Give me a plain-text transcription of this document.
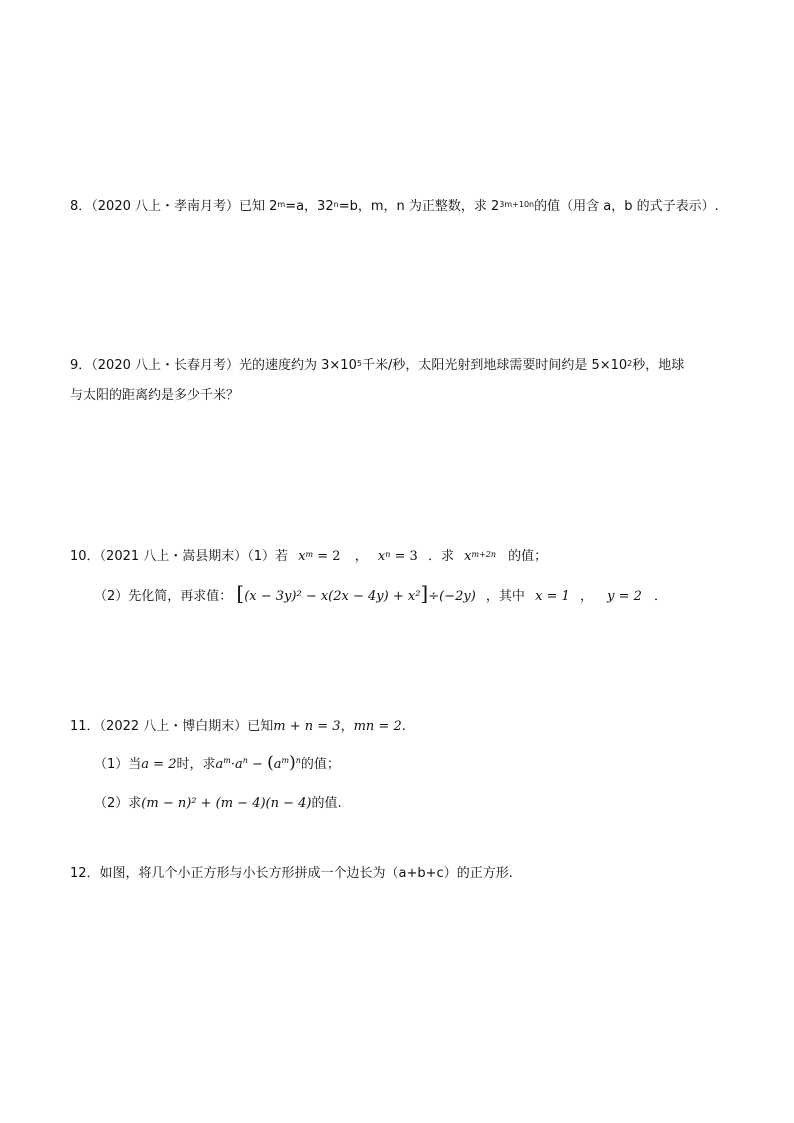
8．（2020 八上・孝南月考）已知 $2^m=a$，$32^n=b$，m，n 为正整数，求 $2^{3m+10n}$的值（用含 a，b 的式子表示）.
9．（2020 八上・长春月考）光的速度约为 $3\times 10^5$千米/秒，太阳光射到地球需要时间约是 $5\times 10^2$秒，地球
与太阳的距离约是多少千米？
10．（2021 八上・嵩县期末）（1）若 $x^m = 2$ ， $x^n = 3$ ．求 $x^{m+2n}$ 的值；
（2）先化简，再求值： [(x − 3y)² − x(2x − 4y) + x²]÷(−2y) ，其中 x = 1 ， y = 2 ．
11．（2022 八上・博白期末）已知m + n = 3，mn = 2.
（1）当a = 2时，求$a^m\cdot a^n - (a^m)^n$的值；
（2）求(m − n)² + (m − 4)(n − 4)的值.
12．如图，将几个小正方形与小长方形拼成一个边长为（a+b+c）的正方形.
